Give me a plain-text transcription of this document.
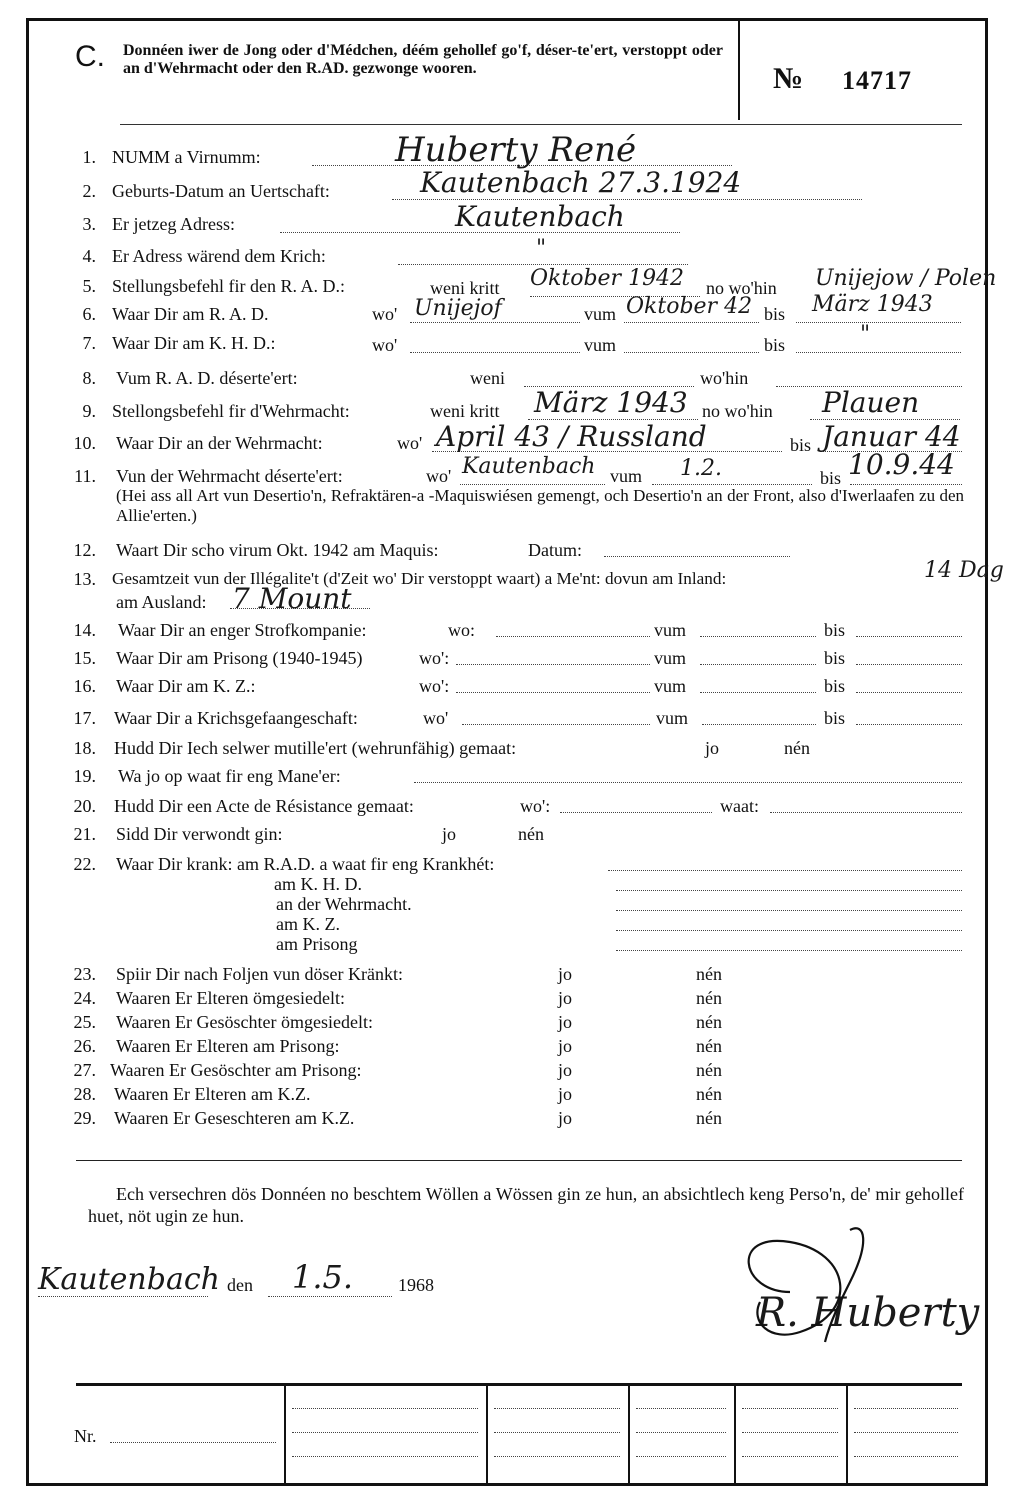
C. Donnéen iwer de Jong oder d'Médchen, déém gehollef go'f, déser-te'ert, verstoppt oder an d'Wehrmacht oder den R.AD. gezwonge wooren.	№ 14717
1. NUMM a Virnumm:	Huberty René
2. Geburts-Datum an Uertschaft:	Kautenbach 27.3.1924
3. Er jetzeg Adress:	Kautenbach
4. Er Adress wärend dem Krich:	"
5. Stellungsbefehl fir den R. A. D.:	weni kritt Oktober 1942 no wo'hin Unijejow / Polen
6. Waar Dir am R. A. D.	wo' Unijejof	vum Oktober 42 bis März 1943
7. Waar Dir am K. H. D.:	wo'	vum	bis	"
8. Vum R. A. D. déserte'ert:	weni	wo'hin
9. Stellongsbefehl fir d'Wehrmacht:	weni kritt März 1943 no wo'hin Plauen
10. Waar Dir an der Wehrmacht:	wo' April 43 / Russland	bis Januar 44
11. Vun der Wehrmacht déserte'ert:	wo' Kautenbach vum 1.2.	bis 10.9.44
(Hei ass all Art vun Desertio'n, Refraktären-a -Maquiswiésen gemengt, och Desertio'n an der Front, also d'Iwerlaafen zu den Allie'erten.)
12. Waart Dir scho virum Okt. 1942 am Maquis:	Datum:
13. Gesamtzeit vun der Illégalite't (d'Zeit wo' Dir verstoppt waart) a Me'nt: dovun am Inland:	14 Dag
am Ausland: 7 Mount
14. Waar Dir an enger Strofkompanie:	wo:	vum	bis
15. Waar Dir am Prisong (1940-1945)	wo':	vum	bis
16. Waar Dir am K. Z.:	wo':	vum	bis
17. Waar Dir a Krichsgefaangeschaft:	wo'	vum	bis
18. Hudd Dir Iech selwer mutille'ert (wehrunfähig) gemaat:	jo	nén
19. Wa jo op waat fir eng Mane'er:
20. Hudd Dir een Acte de Résistance gemaat:	wo':	waat:
21. Sidd Dir verwondt gin:	jo	nén
22. Waar Dir krank: am R.A.D. a waat fir eng Krankhét:
am K. H. D.
an der Wehrmacht.
am K. Z.
am Prisong
23. Spiir Dir nach Foljen vun döser Kränkt:	jo	nén
24. Waaren Er Elteren ömgesiedelt:	jo	nén
25. Waaren Er Gesöschter ömgesiedelt:	jo	nén
26. Waaren Er Elteren am Prisong:	jo	nén
27. Waaren Er Gesöschter am Prisong:	jo	nén
28. Waaren Er Elteren am K.Z.	jo	nén
29. Waaren Er Geseschteren am K.Z.	jo	nén
Ech versechren dös Donnéen no beschtem Wöllen a Wössen gin ze hun, an absichtlech keng Perso'n, de' mir gehollef huet, nöt ugin ze hun.
Kautenbach den 1.5. 1968
R. Huberty
Nr.
